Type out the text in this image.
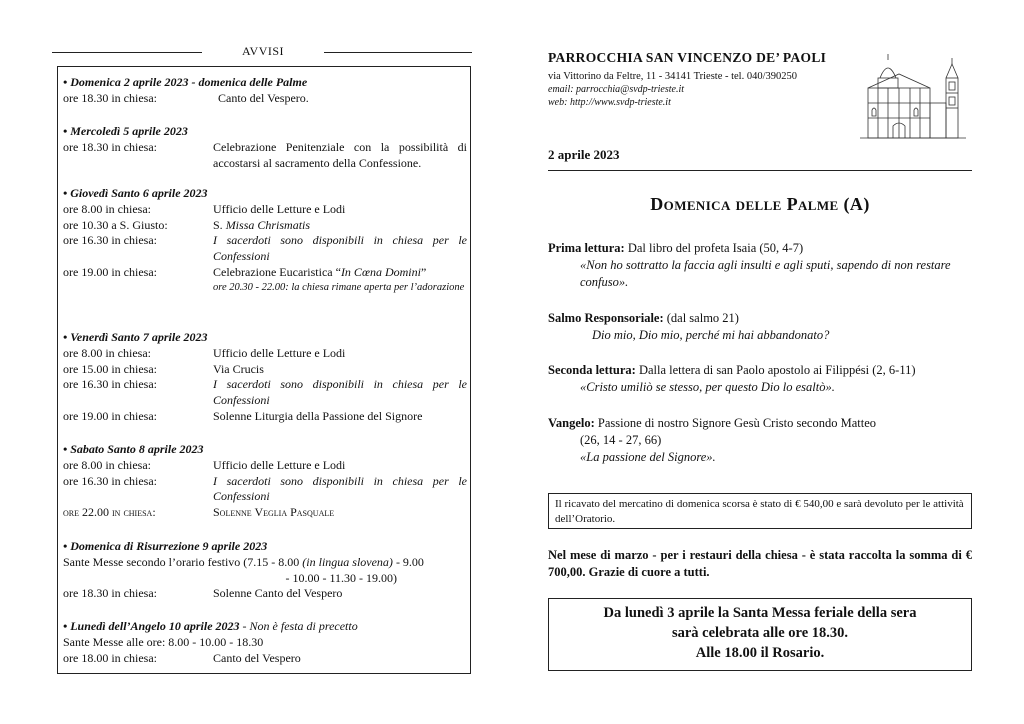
AVVISI
• Domenica 2 aprile 2023 - domenica delle Palme
ore 18.30 in chiesa:	Canto del Vespero.
• Mercoledì 5 aprile 2023
ore 18.30 in chiesa:	Celebrazione Penitenziale con la possibilità di accostarsi al sacramento della Confessione.
• Giovedì Santo 6 aprile 2023
ore 8.00 in chiesa:	Ufficio delle Letture e Lodi
ore 10.30 a S. Giusto:	S. Missa Chrismatis
ore 16.30 in chiesa:	I sacerdoti sono disponibili in chiesa per le Confessioni
ore 19.00 in chiesa:	Celebrazione Eucaristica “In Cœna Domini”
ore 20.30 - 22.00: la chiesa rimane aperta per l’adorazione
• Venerdì Santo 7 aprile 2023
ore 8.00 in chiesa:	Ufficio delle Letture e Lodi
ore 15.00 in chiesa:	Via Crucis
ore 16.30 in chiesa:	I sacerdoti sono disponibili in chiesa per le Confessioni
ore 19.00 in chiesa:	Solenne Liturgia della Passione del Signore
• Sabato Santo 8 aprile 2023
ore 8.00 in chiesa:	Ufficio delle Letture e Lodi
ore 16.30 in chiesa:	I sacerdoti sono disponibili in chiesa per le Confessioni
ore 22.00 in chiesa:	Solenne Veglia Pasquale
• Domenica di Risurrezione 9 aprile 2023
Sante Messe secondo l’orario festivo (7.15 - 8.00 (in lingua slovena) - 9.00
- 10.00 - 11.30 - 19.00)
ore 18.30 in chiesa:	Solenne Canto del Vespero
• Lunedì dell’Angelo 10 aprile 2023 - Non è festa di precetto
Sante Messe alle ore: 8.00 - 10.00 - 18.30
ore 18.00 in chiesa:	Canto del Vespero
PARROCCHIA SAN VINCENZO DE’ PAOLI
via Vittorino da Feltre, 11 - 34141 Trieste - tel. 040/390250
email: parrocchia@svdp-trieste.it
web: http://www.svdp-trieste.it
2 aprile 2023
Domenica delle Palme (A)
Prima lettura: Dal libro del profeta Isaia (50, 4-7)
«Non ho sottratto la faccia agli insulti e agli sputi, sapendo di non restare confuso».
Salmo Responsoriale: (dal salmo 21)
Dio mio, Dio mio, perché mi hai abbandonato?
Seconda lettura: Dalla lettera di san Paolo apostolo ai Filippési (2, 6-11)
«Cristo umiliò se stesso, per questo Dio lo esaltò».
Vangelo: Passione di nostro Signore Gesù Cristo secondo Matteo
(26, 14 - 27, 66)
«La passione del Signore».
Il ricavato del mercatino di domenica scorsa è stato di € 540,00 e sarà devoluto per le attività dell’Oratorio.
Nel mese di marzo - per i restauri della chiesa - è stata raccolta la somma di € 700,00. Grazie di cuore a tutti.
Da lunedì 3 aprile la Santa Messa feriale della sera
sarà celebrata alle ore 18.30.
Alle 18.00 il Rosario.
